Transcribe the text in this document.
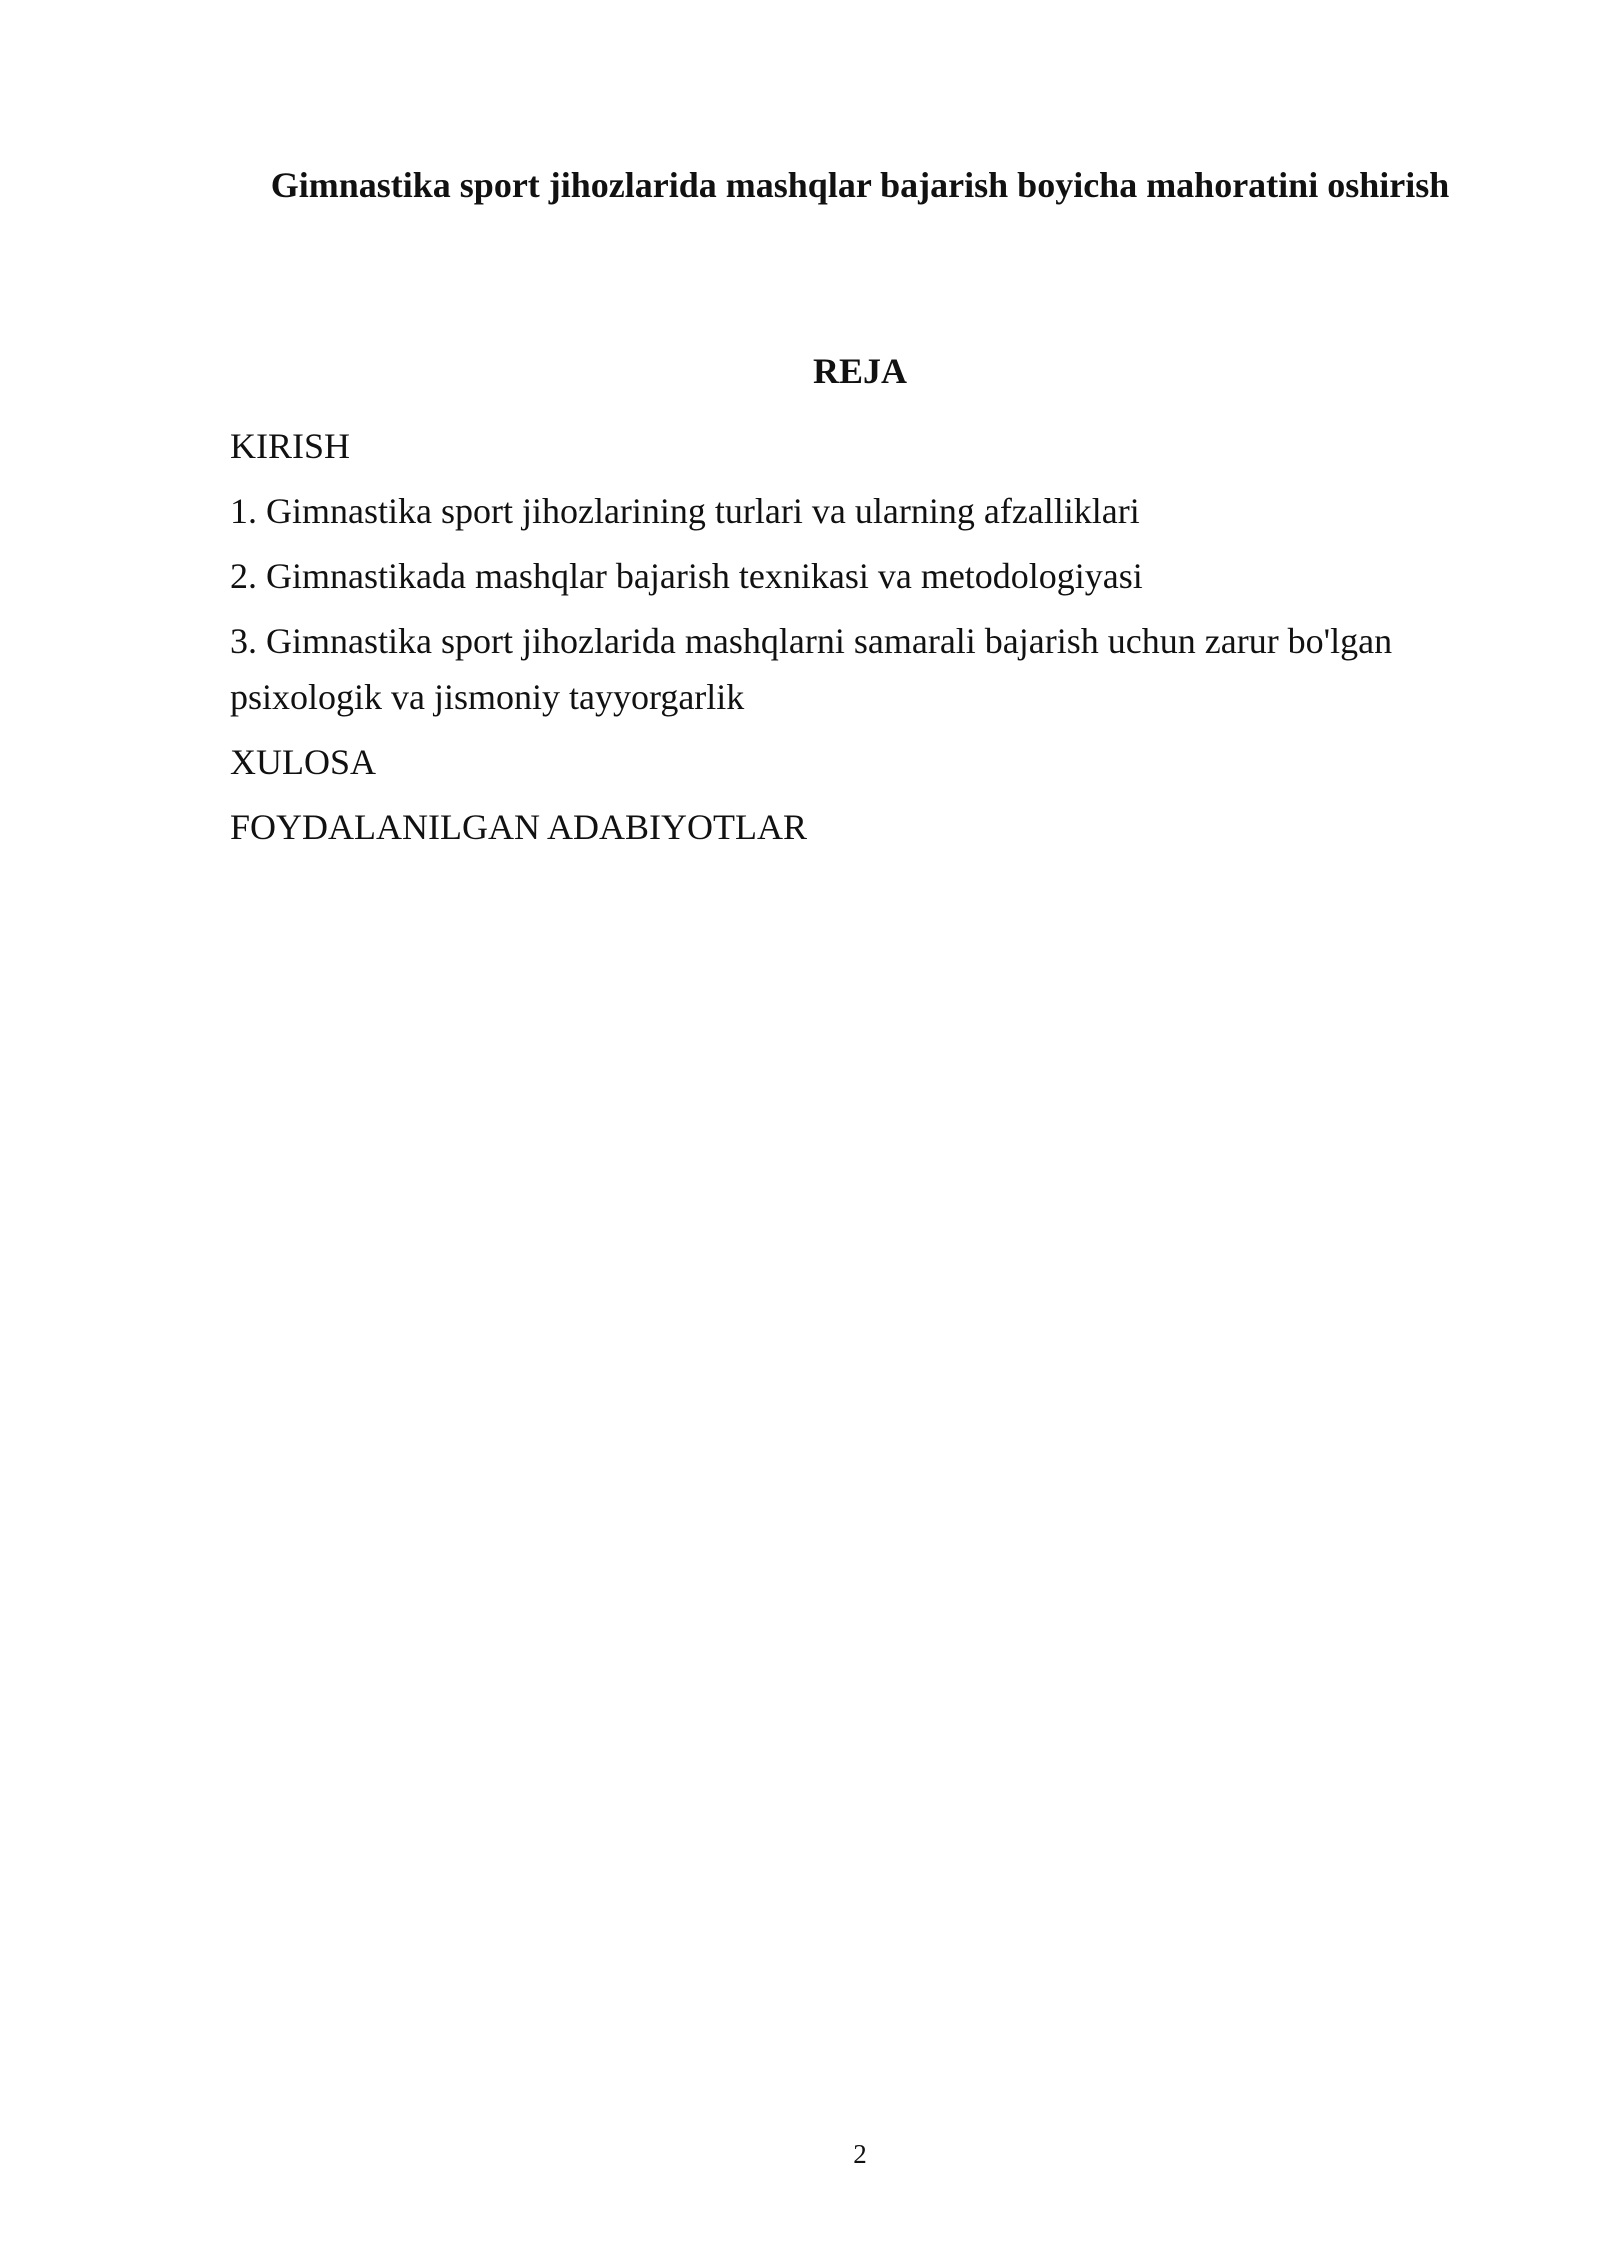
Gimnastika sport jihozlarida mashqlar bajarish boyicha mahoratini oshirish
REJA
KIRISH
1. Gimnastika sport jihozlarining turlari va ularning afzalliklari
2. Gimnastikada mashqlar bajarish texnikasi va metodologiyasi
3. Gimnastika sport jihozlarida mashqlarni samarali bajarish uchun zarur bo'lgan psixologik va jismoniy tayyorgarlik
XULOSA
FOYDALANILGAN ADABIYOTLAR
2
